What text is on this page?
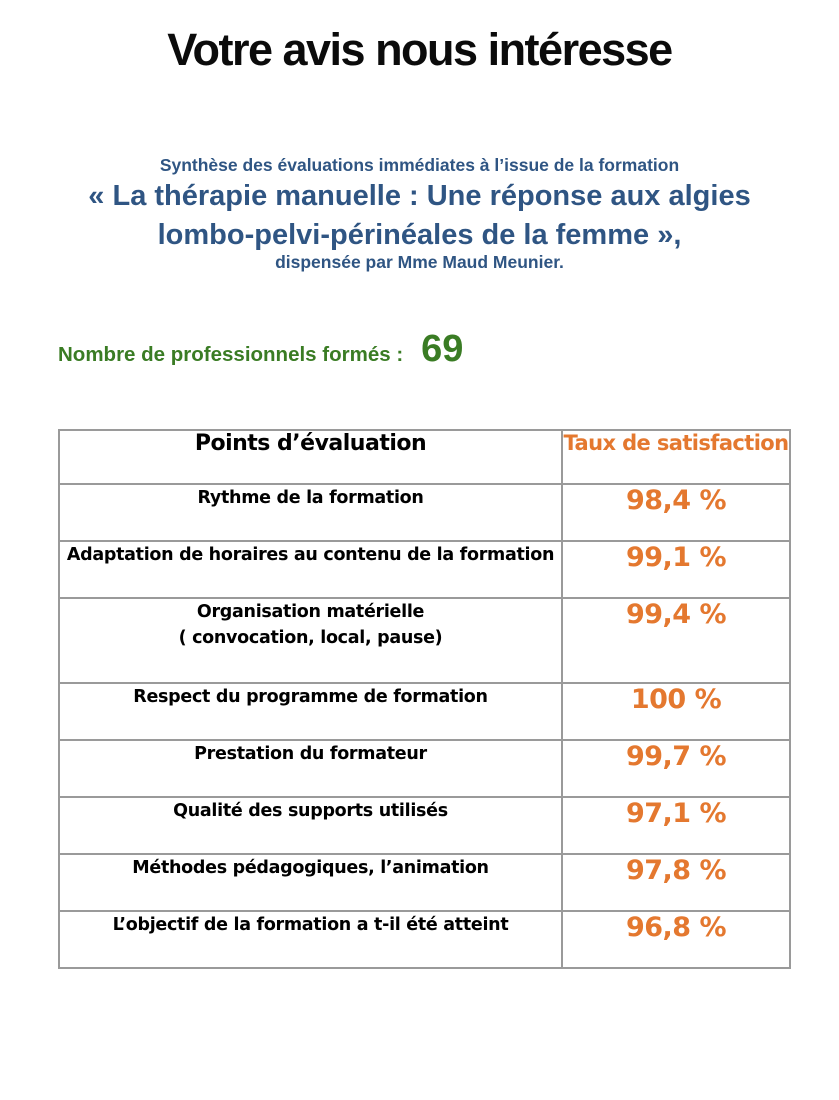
Votre avis nous intéresse
Synthèse des évaluations immédiates à l’issue de la formation
« La thérapie manuelle : Une réponse aux algies
lombo-pelvi-périnéales de la femme »,
dispensée par Mme Maud Meunier.
Nombre de professionnels formés : 69
Points d’évaluation	Taux de satisfaction

Rythme de la formation	98,4 %

Adaptation de horaires au contenu de la formation	99,1 %

Organisation matérielle
( convocation, local, pause)	99,4 %

Respect du programme de formation	100 %

Prestation du formateur	99,7 %

Qualité des supports utilisés	97,1 %

Méthodes pédagogiques, l’animation	97,8 %

L’objectif de la formation a t-il été atteint	96,8 %
